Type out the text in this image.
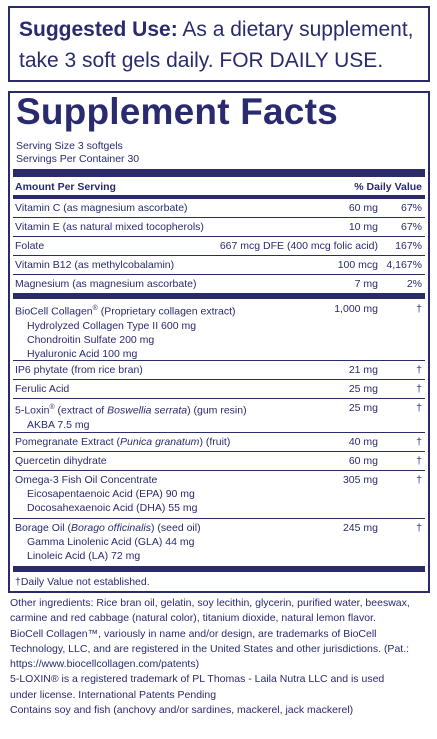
Suggested Use: As a dietary supplement,
take 3 soft gels daily. FOR DAILY USE.
Supplement Facts
Serving Size 3 softgels
Servings Per Container 30
Amount Per Serving	% Daily Value
Vitamin C (as magnesium ascorbate)	60 mg 67%
Vitamin E (as natural mixed tocopherols)	10 mg 67%
Folate	667 mcg DFE (400 mcg folic acid) 167%
Vitamin B12 (as methylcobalamin)	100 mcg 4,167%
Magnesium (as magnesium ascorbate)	7 mg	2%
BioCell Collagen® (Proprietary collagen extract)
Hydrolyzed Collagen Type II 600 mg
Chondroitin Sulfate 200 mg
Hyaluronic Acid 100 mg
1,000 mg	†
IP6 phytate (from rice bran)	21 mg	†
Ferulic Acid	25 mg	†
5-Loxin® (extract of Boswellia serrata) (gum resin)
AKBA 7.5 mg
25 mg	†
Pomegranate Extract (Punica granatum) (fruit)	40 mg	†
Quercetin dihydrate	60 mg	†
Omega-3 Fish Oil Concentrate
Eicosapentaenoic Acid (EPA) 90 mg
Docosahexaenoic Acid (DHA) 55 mg
305 mg	†
Borage Oil (Borago officinalis) (seed oil)
Gamma Linolenic Acid (GLA) 44 mg
Linoleic Acid (LA) 72 mg
245 mg	†
†Daily Value not established.
Other ingredients: Rice bran oil, gelatin, soy lecithin, glycerin, purified water, beeswax,
carmine and red cabbage (natural color), titanium dioxide, natural lemon flavor.
BioCell Collagen™, variously in name and/or design, are trademarks of BioCell
Technology, LLC, and are registered in the United States and other jurisdictions. (Pat.:
https://www.biocellcollagen.com/patents)
5-LOXIN® is a registered trademark of PL Thomas - Laila Nutra LLC and is used
under license. International Patents Pending
Contains soy and fish (anchovy and/or sardines, mackerel, jack mackerel)
